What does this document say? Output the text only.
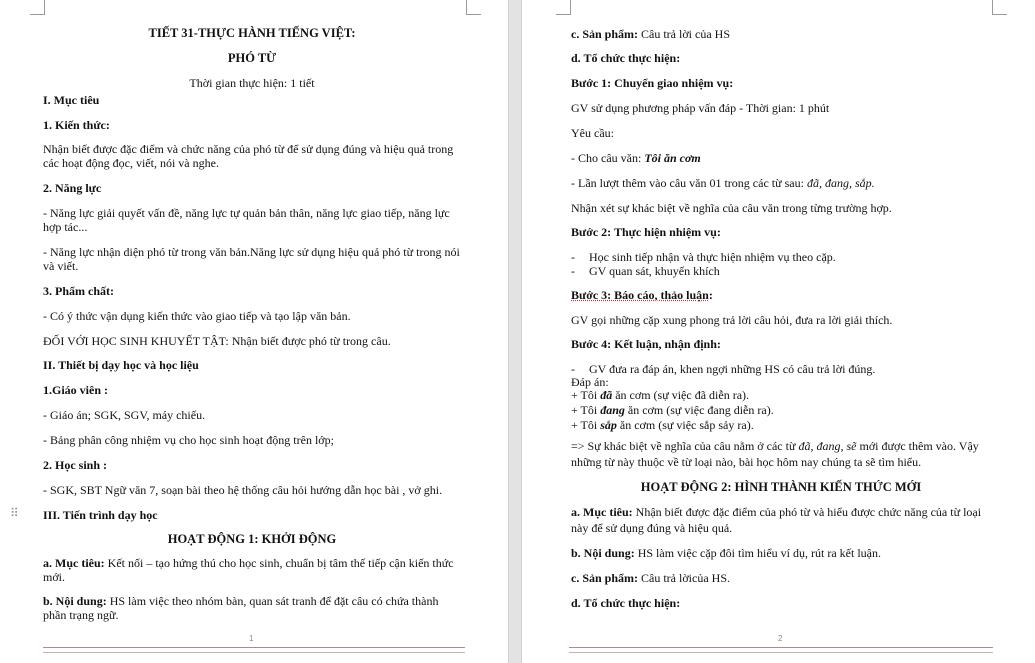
TIẾT 31-THỰC HÀNH TIẾNG VIỆT:

PHÓ TỪ

Thời gian thực hiện: 1 tiết

I. Mục tiêu

1. Kiến thức:

Nhận biết được đặc điểm và chức năng của phó từ để sử dụng đúng và hiệu quả trong

các hoạt động đọc, viết, nói và nghe.

2. Năng lực

- Năng lực giải quyết vấn đề, năng lực tự quản bản thân, năng lực giao tiếp, năng lực

hợp tác...

- Năng lực nhận diện phó từ trong văn bản.Năng lực sử dụng hiệu quả phó từ trong nói

và viết.

3. Phẩm chất:

- Có ý thức vận dụng kiến thức vào giao tiếp và tạo lập văn bản.

ĐỐI VỚI HỌC SINH KHUYẾT TẬT: Nhận biết được phó từ trong câu.

II. Thiết bị dạy học và học liệu

1.Giáo viên :

- Giáo án; SGK, SGV, máy chiếu.

- Bảng phân công nhiệm vụ cho học sinh hoạt động trên lớp;

2. Học sinh :

- SGK, SBT Ngữ văn 7, soạn bài theo hệ thống câu hỏi hướng dẫn học bài , vở ghi.

III. Tiến trình dạy học

HOẠT ĐỘNG 1: KHỞI ĐỘNG

a. Mục tiêu: Kết nối – tạo hứng thú cho học sinh, chuẩn bị tâm thế tiếp cận kiến thức

mới.

b. Nội dung: HS làm việc theo nhóm bàn, quan sát tranh để đặt câu có chứa thành

phần trạng ngữ.

1
⠿

c. Sản phẩm: Câu trả lời của HS

d. Tổ chức thực hiện:

Bước 1: Chuyển giao nhiệm vụ:

GV sử dụng phương pháp vấn đáp - Thời gian: 1 phút

Yêu cầu:

- Cho câu văn: Tôi ăn cơm

- Lần lượt thêm vào câu văn 01 trong các từ sau: đã, đang, sắp.

Nhận xét sự khác biệt về nghĩa của câu văn trong từng trường hợp.

Bước 2: Thực hiện nhiệm vụ:

- Học sinh tiếp nhận và thực hiện nhiệm vụ theo cặp.

- GV quan sát, khuyến khích

Bước 3: Báo cáo, thảo luận:

GV gọi những cặp xung phong trả lời câu hỏi, đưa ra lời giải thích.

Bước 4: Kết luận, nhận định:

- GV đưa ra đáp án, khen ngợi những HS có câu trả lời đúng.

Đáp án:

+ Tôi đã ăn cơm (sự việc đã diễn ra).

+ Tôi đang ăn cơm (sự việc đang diễn ra).

+ Tôi sắp ăn cơm (sự việc sắp sảy ra).

=> Sự khác biệt về nghĩa của câu nằm ở các từ đã, đang, sẽ mới được thêm vào. Vậy

những từ này thuộc về từ loại nào, bài học hôm nay chúng ta sẽ tìm hiểu.

HOẠT ĐỘNG 2: HÌNH THÀNH KIẾN THỨC MỚI

a. Mục tiêu: Nhận biết được đặc điểm của phó từ và hiểu được chức năng của từ loại

này để sử dụng đúng và hiệu quả.

b. Nội dung: HS làm việc cặp đôi tìm hiểu ví dụ, rút ra kết luận.

c. Sản phẩm: Câu trả lờicủa HS.

d. Tổ chức thực hiện:

2
